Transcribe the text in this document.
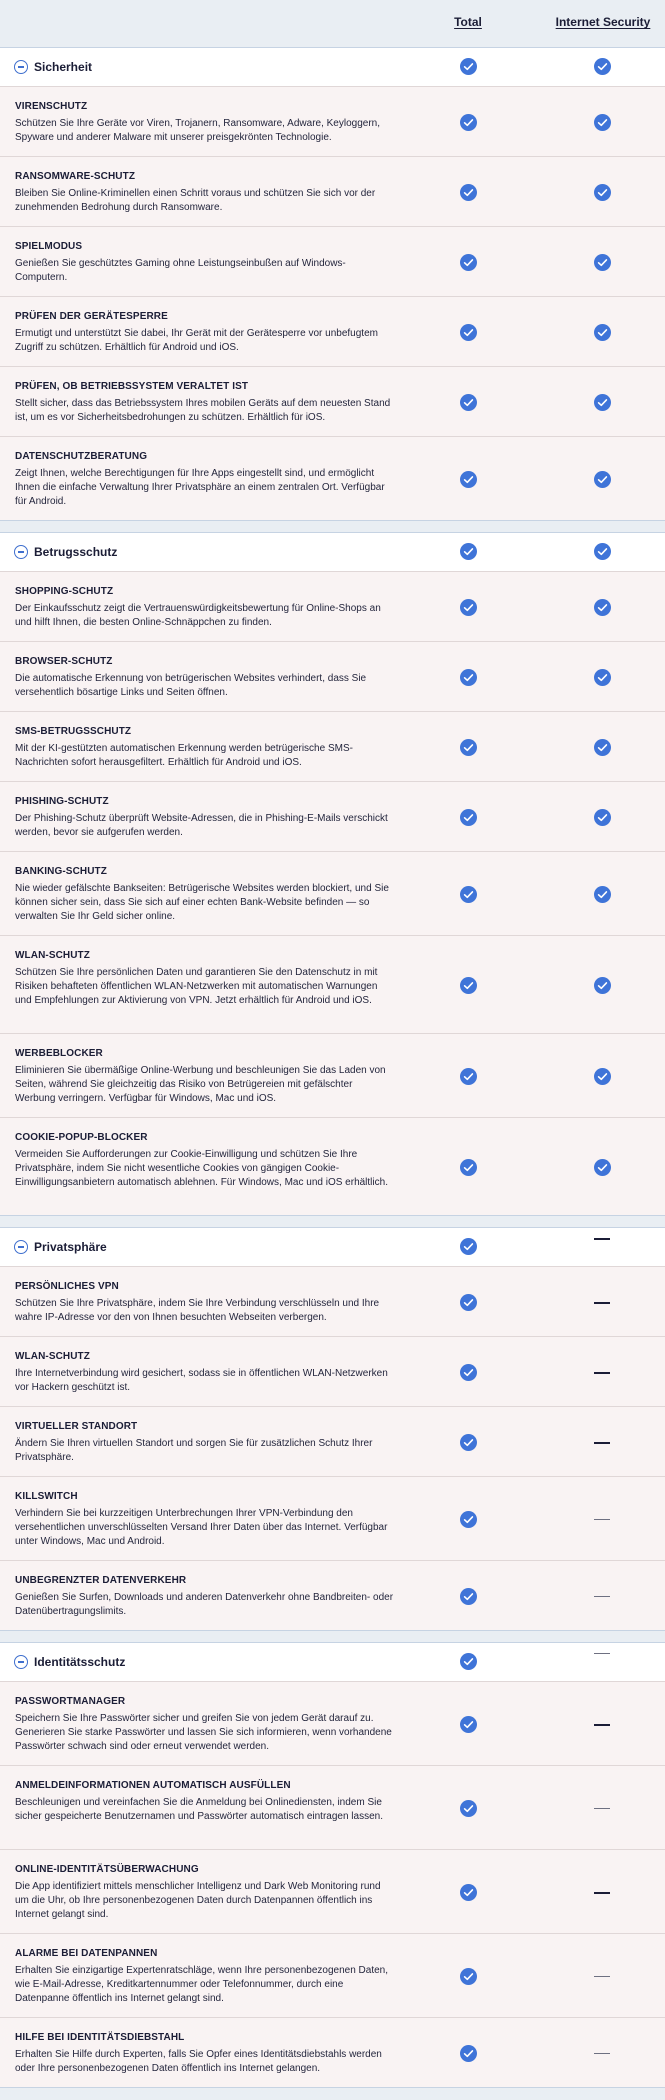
Total	Internet Security
Sicherheit
VIRENSCHUTZ
Schützen Sie Ihre Geräte vor Viren, Trojanern, Ransomware, Adware, Keyloggern, Spyware und anderer Malware mit unserer preisgekrönten Technologie.
RANSOMWARE-SCHUTZ
Bleiben Sie Online-Kriminellen einen Schritt voraus und schützen Sie sich vor der zunehmenden Bedrohung durch Ransomware.
SPIELMODUS
Genießen Sie geschütztes Gaming ohne Leistungseinbußen auf Windows-Computern.
PRÜFEN DER GERÄTESPERRE
Ermutigt und unterstützt Sie dabei, Ihr Gerät mit der Gerätesperre vor unbefugtem Zugriff zu schützen. Erhältlich für Android und iOS.
PRÜFEN, OB BETRIEBSSYSTEM VERALTET IST
Stellt sicher, dass das Betriebssystem Ihres mobilen Geräts auf dem neuesten Stand ist, um es vor Sicherheitsbedrohungen zu schützen. Erhältlich für iOS.
DATENSCHUTZBERATUNG
Zeigt Ihnen, welche Berechtigungen für Ihre Apps eingestellt sind, und ermöglicht Ihnen die einfache Verwaltung Ihrer Privatsphäre an einem zentralen Ort. Verfügbar für Android.
Betrugsschutz
SHOPPING-SCHUTZ
Der Einkaufsschutz zeigt die Vertrauenswürdigkeitsbewertung für Online-Shops an und hilft Ihnen, die besten Online-Schnäppchen zu finden.
BROWSER-SCHUTZ
Die automatische Erkennung von betrügerischen Websites verhindert, dass Sie versehentlich bösartige Links und Seiten öffnen.
SMS-BETRUGSSCHUTZ
Mit der KI-gestützten automatischen Erkennung werden betrügerische SMS-Nachrichten sofort herausgefiltert. Erhältlich für Android und iOS.
PHISHING-SCHUTZ
Der Phishing-Schutz überprüft Website-Adressen, die in Phishing-E-Mails verschickt werden, bevor sie aufgerufen werden.
BANKING-SCHUTZ
Nie wieder gefälschte Bankseiten: Betrügerische Websites werden blockiert, und Sie können sicher sein, dass Sie sich auf einer echten Bank-Website befinden — so verwalten Sie Ihr Geld sicher online.
WLAN-SCHUTZ
Schützen Sie Ihre persönlichen Daten und garantieren Sie den Datenschutz in mit Risiken behafteten öffentlichen WLAN-Netzwerken mit automatischen Warnungen und Empfehlungen zur Aktivierung von VPN. Jetzt erhältlich für Android und iOS.
WERBEBLOCKER
Eliminieren Sie übermäßige Online-Werbung und beschleunigen Sie das Laden von Seiten, während Sie gleichzeitig das Risiko von Betrügereien mit gefälschter Werbung verringern. Verfügbar für Windows, Mac und iOS.
COOKIE-POPUP-BLOCKER
Vermeiden Sie Aufforderungen zur Cookie-Einwilligung und schützen Sie Ihre Privatsphäre, indem Sie nicht wesentliche Cookies von gängigen Cookie-Einwilligungsanbietern automatisch ablehnen. Für Windows, Mac und iOS erhältlich.
Privatsphäre
PERSÖNLICHES VPN
Schützen Sie Ihre Privatsphäre, indem Sie Ihre Verbindung verschlüsseln und Ihre wahre IP-Adresse vor den von Ihnen besuchten Webseiten verbergen.
WLAN-SCHUTZ
Ihre Internetverbindung wird gesichert, sodass sie in öffentlichen WLAN-Netzwerken vor Hackern geschützt ist.
VIRTUELLER STANDORT
Ändern Sie Ihren virtuellen Standort und sorgen Sie für zusätzlichen Schutz Ihrer Privatsphäre.
KILLSWITCH
Verhindern Sie bei kurzzeitigen Unterbrechungen Ihrer VPN-Verbindung den versehentlichen unverschlüsselten Versand Ihrer Daten über das Internet. Verfügbar unter Windows, Mac und Android.
UNBEGRENZTER DATENVERKEHR
Genießen Sie Surfen, Downloads und anderen Datenverkehr ohne Bandbreiten- oder Datenübertragungslimits.
Identitätsschutz
PASSWORTMANAGER
Speichern Sie Ihre Passwörter sicher und greifen Sie von jedem Gerät darauf zu. Generieren Sie starke Passwörter und lassen Sie sich informieren, wenn vorhandene Passwörter schwach sind oder erneut verwendet werden.
ANMELDEINFORMATIONEN AUTOMATISCH AUSFÜLLEN
Beschleunigen und vereinfachen Sie die Anmeldung bei Onlinediensten, indem Sie sicher gespeicherte Benutzernamen und Passwörter automatisch eintragen lassen.
ONLINE-IDENTITÄTSÜBERWACHUNG
Die App identifiziert mittels menschlicher Intelligenz und Dark Web Monitoring rund um die Uhr, ob Ihre personenbezogenen Daten durch Datenpannen öffentlich ins Internet gelangt sind.
ALARME BEI DATENPANNEN
Erhalten Sie einzigartige Expertenratschläge, wenn Ihre personenbezogenen Daten, wie E-Mail-Adresse, Kreditkartennummer oder Telefonnummer, durch eine Datenpanne öffentlich ins Internet gelangt sind.
HILFE BEI IDENTITÄTSDIEBSTAHL
Erhalten Sie Hilfe durch Experten, falls Sie Opfer eines Identitätsdiebstahls werden oder Ihre personenbezogenen Daten öffentlich ins Internet gelangen.
